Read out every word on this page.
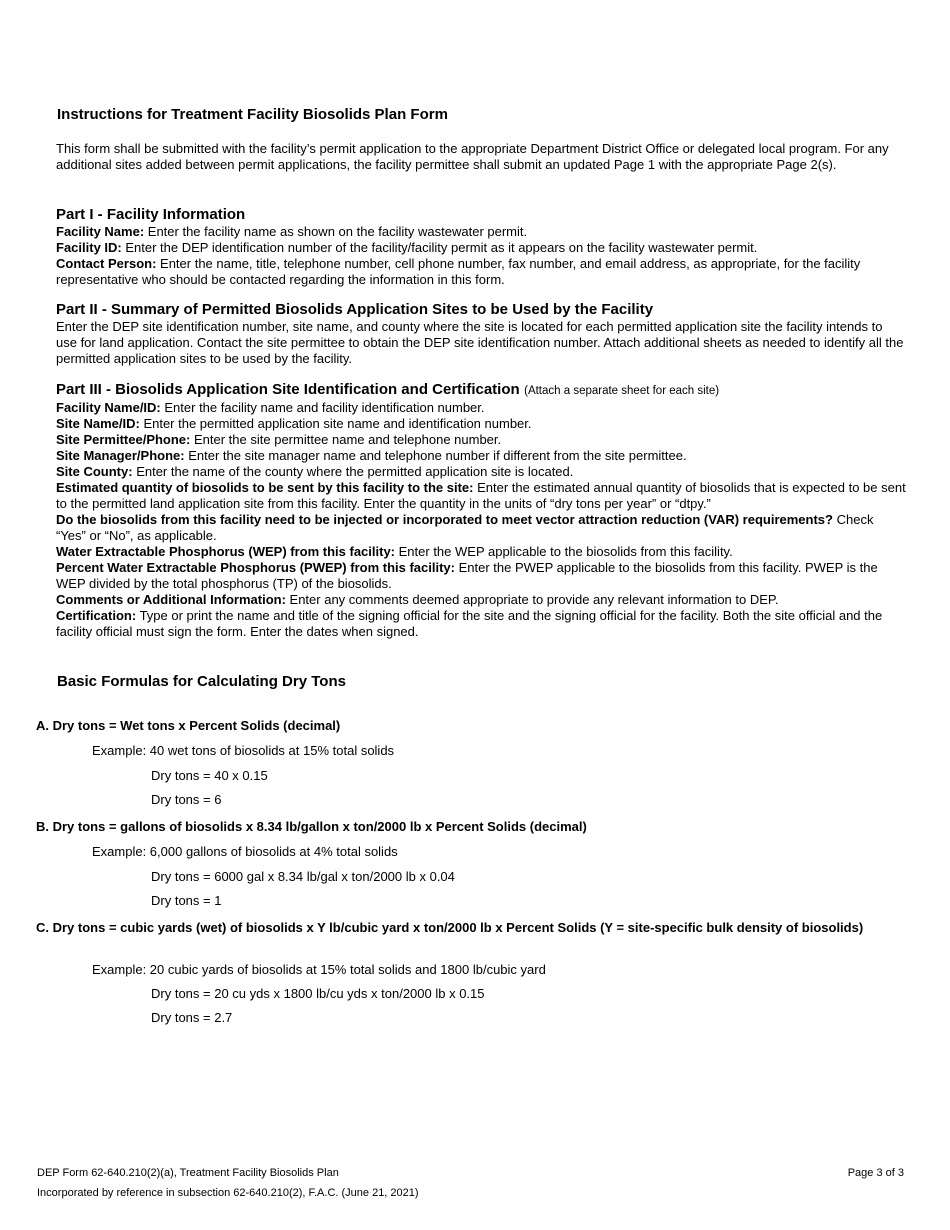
Instructions for Treatment Facility Biosolids Plan Form
This form shall be submitted with the facility’s permit application to the appropriate Department District Office or delegated local program. For any additional sites added between permit applications, the facility permittee shall submit an updated Page 1 with the appropriate Page 2(s).
Part I - Facility Information
Facility Name: Enter the facility name as shown on the facility wastewater permit.
Facility ID: Enter the DEP identification number of the facility/facility permit as it appears on the facility wastewater permit.
Contact Person: Enter the name, title, telephone number, cell phone number, fax number, and email address, as appropriate, for the facility representative who should be contacted regarding the information in this form.
Part II - Summary of Permitted Biosolids Application Sites to be Used by the Facility
Enter the DEP site identification number, site name, and county where the site is located for each permitted application site the facility intends to use for land application. Contact the site permittee to obtain the DEP site identification number. Attach additional sheets as needed to identify all the permitted application sites to be used by the facility.
Part III - Biosolids Application Site Identification and Certification (Attach a separate sheet for each site)
Facility Name/ID: Enter the facility name and facility identification number.
Site Name/ID: Enter the permitted application site name and identification number.
Site Permittee/Phone: Enter the site permittee name and telephone number.
Site Manager/Phone: Enter the site manager name and telephone number if different from the site permittee.
Site County: Enter the name of the county where the permitted application site is located.
Estimated quantity of biosolids to be sent by this facility to the site: Enter the estimated annual quantity of biosolids that is expected to be sent to the permitted land application site from this facility. Enter the quantity in the units of “dry tons per year” or “dtpy.”
Do the biosolids from this facility need to be injected or incorporated to meet vector attraction reduction (VAR) requirements? Check “Yes” or “No”, as applicable.
Water Extractable Phosphorus (WEP) from this facility: Enter the WEP applicable to the biosolids from this facility.
Percent Water Extractable Phosphorus (PWEP) from this facility: Enter the PWEP applicable to the biosolids from this facility. PWEP is the WEP divided by the total phosphorus (TP) of the biosolids.
Comments or Additional Information: Enter any comments deemed appropriate to provide any relevant information to DEP.
Certification: Type or print the name and title of the signing official for the site and the signing official for the facility. Both the site official and the facility official must sign the form. Enter the dates when signed.
Basic Formulas for Calculating Dry Tons
A. Dry tons = Wet tons x Percent Solids (decimal)
Example: 40 wet tons of biosolids at 15% total solids
Dry tons = 40 x 0.15
Dry tons = 6
B. Dry tons = gallons of biosolids x 8.34 lb/gallon x ton/2000 lb x Percent Solids (decimal)
Example: 6,000 gallons of biosolids at 4% total solids
Dry tons = 6000 gal x 8.34 lb/gal x ton/2000 lb x 0.04
Dry tons = 1
C. Dry tons = cubic yards (wet) of biosolids x Y lb/cubic yard x ton/2000 lb x Percent Solids (Y = site-specific bulk density of biosolids)
Example: 20 cubic yards of biosolids at 15% total solids and 1800 lb/cubic yard
Dry tons = 20 cu yds x 1800 lb/cu yds x ton/2000 lb x 0.15
Dry tons = 2.7
DEP Form 62-640.210(2)(a), Treatment Facility Biosolids Plan
Incorporated by reference in subsection 62-640.210(2), F.A.C. (June 21, 2021)
Page 3 of 3
